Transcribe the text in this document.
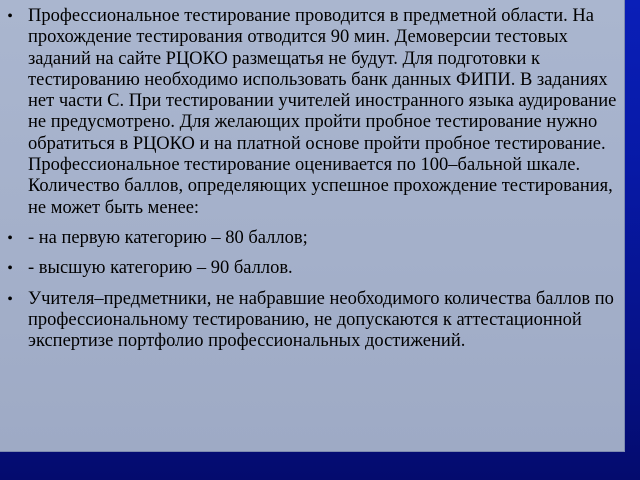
• Профессиональное тестирование проводится в предметной области. На прохождение тестирования отводится 90 мин. Демоверсии тестовых заданий на сайте РЦОКО размещатья не будут. Для подготовки к тестированию необходимо использовать банк данных ФИПИ. В заданиях нет части С. При тестировании учителей иностранного языка аудирование не предусмотрено. Для желающих пройти пробное тестирование нужно обратиться в РЦОКО и на платной основе пройти пробное тестирование. Профессиональное тестирование оценивается по 100–бальной шкале. Количество баллов, определяющих успешное прохождение тестирования, не может быть менее:
• - на первую категорию – 80 баллов;
• - высшую категорию – 90 баллов.
• Учителя–предметники, не набравшие необходимого количества баллов по профессиональному тестированию, не допускаются к аттестационной экспертизе портфолио профессиональных достижений.
